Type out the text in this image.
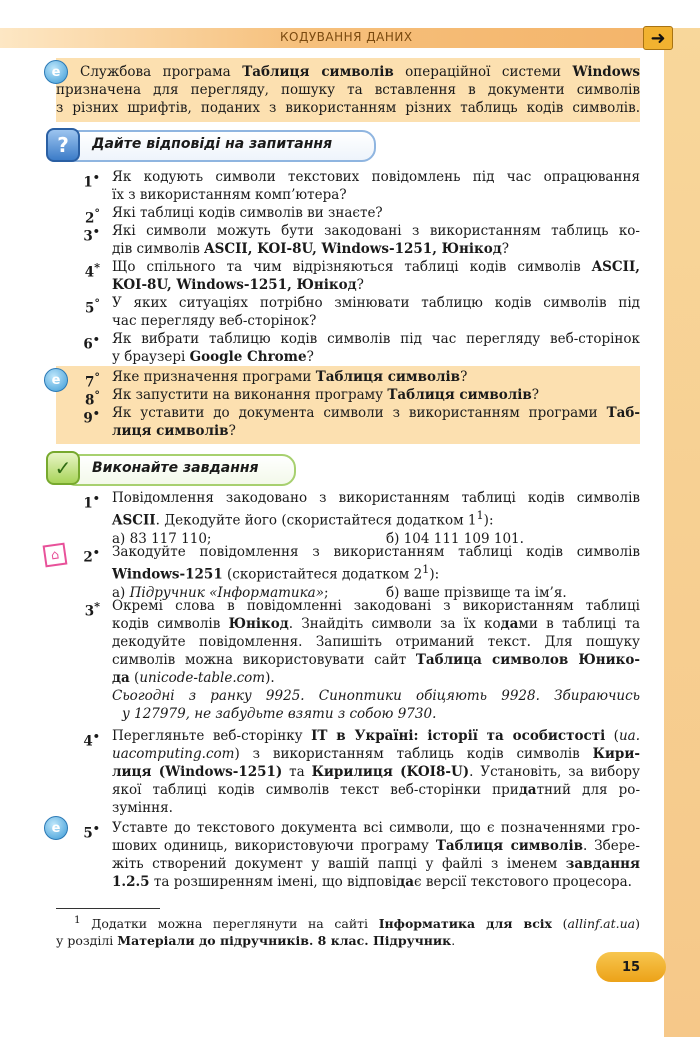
КОДУВАННЯ ДАНИХ	➜
e	Службова програма Таблиця символів операційної системи Windows
призначена для перегляду, пошуку та вставлення в документи символів
з різних шрифтів, поданих з використанням різних таблиць кодів символів.
?	Дайте відповіді на запитання
e
1• Як кодують символи текстових повідомлень під час опрацювання
їх з використанням комп’ютера?
2° Які таблиці кодів символів ви знаєте?
3• Які символи можуть бути закодовані з використанням таблиць ко-
дів символів ASCII, KOI-8U, Windows-1251, Юнікод?
4* Що спільного та чим відрізняються таблиці кодів символів ASCII,
KOI-8U, Windows-1251, Юнікод?
5° У яких ситуаціях потрібно змінювати таблицю кодів символів під
час перегляду веб-сторінок?
6• Як вибрати таблицю кодів символів під час перегляду веб-сторінок
у браузері Google Chrome?
7° Яке призначення програми Таблиця символів?
8° Як запустити на виконання програму Таблиця символів?
9• Як уставити до документа символи з використанням програми Таб-
лиця символів?
✓	Виконайте завдання
1• Повідомлення закодовано з використанням таблиці кодів символів
ASCII. Декодуйте його (скористайтеся додатком $1^1$):
а) 83 117 110;	б) 104 111 109 101.
⌂	2• Закодуйте повідомлення з використанням таблиці кодів символів
Windows-1251 (скористайтеся додатком $2^1$):
а) Підручник «Інформатика»;	б) ваше прізвище та ім’я.
3* Окремі слова в повідомленні закодовані з використанням таблиці
кодів символів Юнікод. Знайдіть символи за їх кодами в таблиці та
декодуйте повідомлення. Запишіть отриманий текст. Для пошуку
символів можна використовувати сайт Таблица символов Юнико-
да (unicode-table.com).
Сьогодні з ранку 9925. Синоптики обіцяють 9928. Збираючись
у 127979, не забудьте взяти з собою 9730.
4• Перегляньте веб-сторінку IT в Україні: історії та особистості (ua.
uacomputing.com) з використанням таблиць кодів символів Кири-
лиця (Windows-1251) та Кирилиця (KOI8-U). Установіть, за вибору
якої таблиці кодів символів текст веб-сторінки придатний для ро-
зуміння.
e	5• Уставте до текстового документа всі символи, що є позначеннями гро-
шових одиниць, використовуючи програму Таблиця символів. Збере-
жіть створений документ у вашій папці у файлі з іменем завдання
1.2.5 та розширенням імені, що відповідає версії текстового процесора.
$^1$ Додатки можна переглянути на сайті Інформатика для всіх (allinf.at.ua)
у розділі Матеріали до підручників. 8 клас. Підручник.
15
